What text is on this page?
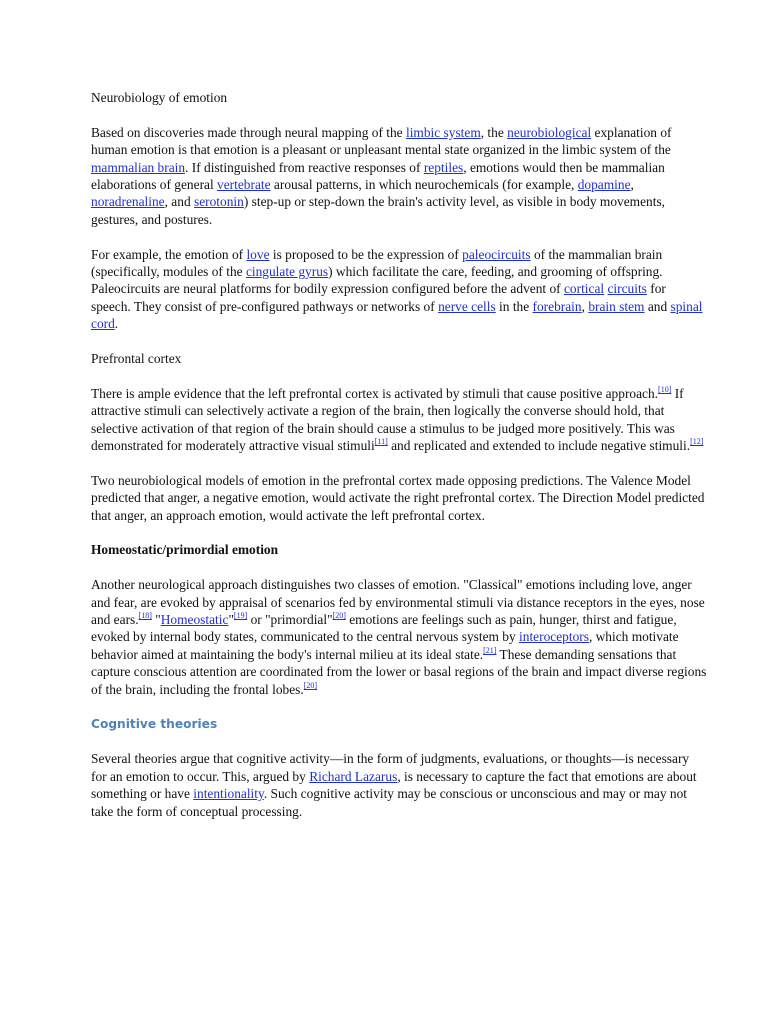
Neurobiology of emotion

Based on discoveries made through neural mapping of the limbic system, the neurobiological explanation of human emotion is that emotion is a pleasant or unpleasant mental state organized in the limbic system of the mammalian brain. If distinguished from reactive responses of reptiles, emotions would then be mammalian elaborations of general vertebrate arousal patterns, in which neurochemicals (for example, dopamine, noradrenaline, and serotonin) step-up or step-down the brain's activity level, as visible in body movements, gestures, and postures.

For example, the emotion of love is proposed to be the expression of paleocircuits of the mammalian brain (specifically, modules of the cingulate gyrus) which facilitate the care, feeding, and grooming of offspring. Paleocircuits are neural platforms for bodily expression configured before the advent of cortical circuits for speech. They consist of pre-configured pathways or networks of nerve cells in the forebrain, brain stem and spinal cord.

Prefrontal cortex

There is ample evidence that the left prefrontal cortex is activated by stimuli that cause positive approach.[10] If attractive stimuli can selectively activate a region of the brain, then logically the converse should hold, that selective activation of that region of the brain should cause a stimulus to be judged more positively. This was demonstrated for moderately attractive visual stimuli[11] and replicated and extended to include negative stimuli.[12]

Two neurobiological models of emotion in the prefrontal cortex made opposing predictions. The Valence Model predicted that anger, a negative emotion, would activate the right prefrontal cortex. The Direction Model predicted that anger, an approach emotion, would activate the left prefrontal cortex.

Homeostatic/primordial emotion

Another neurological approach distinguishes two classes of emotion. "Classical" emotions including love, anger and fear, are evoked by appraisal of scenarios fed by environmental stimuli via distance receptors in the eyes, nose and ears.[18] "Homeostatic"[19] or "primordial"[20] emotions are feelings such as pain, hunger, thirst and fatigue, evoked by internal body states, communicated to the central nervous system by interoceptors, which motivate behavior aimed at maintaining the body's internal milieu at its ideal state.[21] These demanding sensations that capture conscious attention are coordinated from the lower or basal regions of the brain and impact diverse regions of the brain, including the frontal lobes.[20]

Cognitive theories

Several theories argue that cognitive activity—in the form of judgments, evaluations, or thoughts—is necessary for an emotion to occur. This, argued by Richard Lazarus, is necessary to capture the fact that emotions are about something or have intentionality. Such cognitive activity may be conscious or unconscious and may or may not take the form of conceptual processing.
